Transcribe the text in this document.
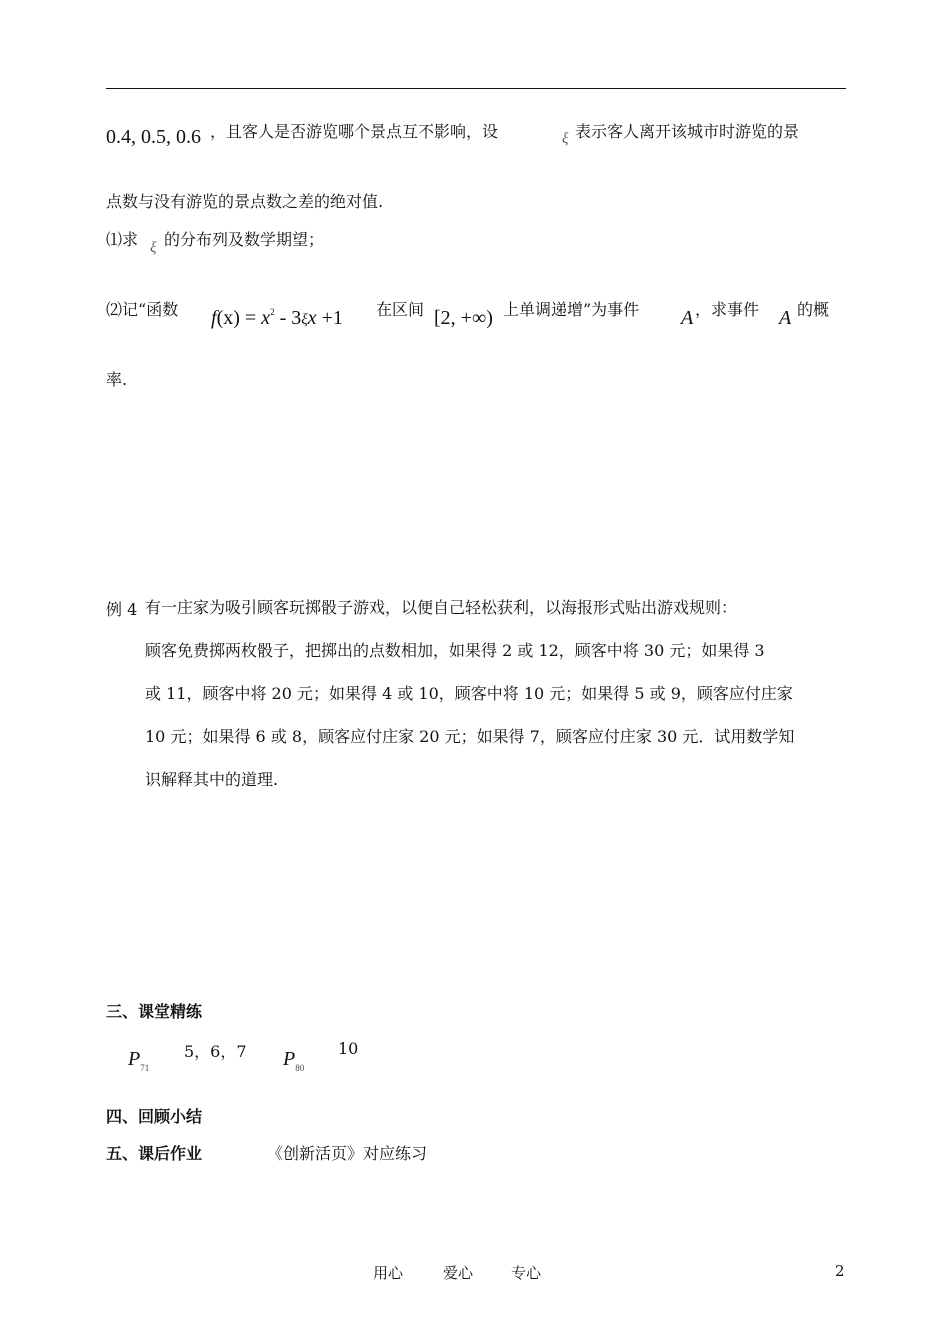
0.4, 0.5, 0.6 ，且客人是否游览哪个景点互不影响，设	ξ 表示客人离开该城市时游览的景
点数与没有游览的景点数之差的绝对值.
⑴求 ξ 的分布列及数学期望；
⑵记“函数 $f(x) = x^2 - 3\xi x +1$ 在区间 [2, +∞) 上单调递增”为事件 A ，求事件 A 的概
率.
例 4 有一庄家为吸引顾客玩掷骰子游戏，以便自己轻松获利，以海报形式贴出游戏规则：
顾客免费掷两枚骰子，把掷出的点数相加，如果得 2 或 12，顾客中将 30 元；如果得 3
或 11，顾客中将 20 元；如果得 4 或 10，顾客中将 10 元；如果得 5 或 9，顾客应付庄家
10 元；如果得 6 或 8，顾客应付庄家 20 元；如果得 7，顾客应付庄家 30 元．试用数学知
识解释其中的道理.
三、课堂精练
$P_{71}$
5，6，7 $P_{80}$
10
四、回顾小结
五、课后作业	《创新活页》对应练习
用心	爱心	专心	2
